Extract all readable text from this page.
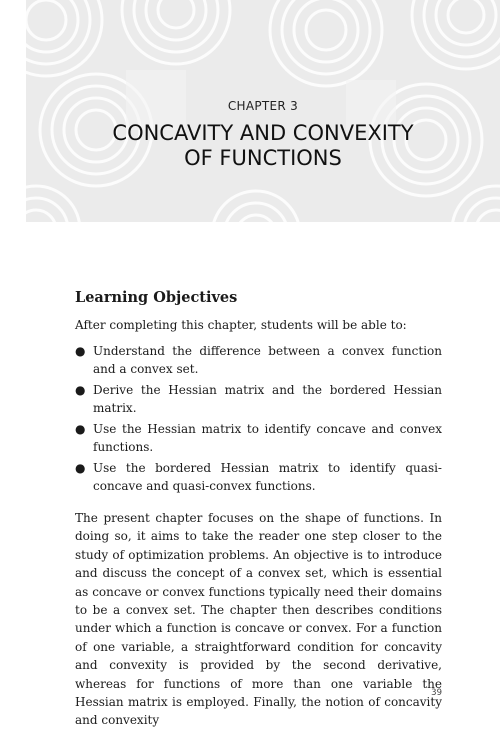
CHAPTER 3
CONCAVITY AND CONVEXITY
OF FUNCTIONS
Learning Objectives

After completing this chapter, students will be able to:

● Understand the difference between a convex function and a convex set.
● Derive the Hessian matrix and the bordered Hessian matrix.
● Use the Hessian matrix to identify concave and convex functions.
● Use the bordered Hessian matrix to identify quasi-concave and quasi-convex functions.

The present chapter focuses on the shape of functions. In doing so, it aims to take the reader one step closer to the study of optimization problems. An objective is to introduce and discuss the concept of a convex set, which is essential as concave or convex functions typically need their domains to be a convex set. The chapter then describes conditions under which a function is concave or convex. For a function of one variable, a straightforward condition for concavity and convexity is provided by the second derivative, whereas for functions of more than one variable the Hessian matrix is employed. Finally, the notion of concavity and convexity

39
